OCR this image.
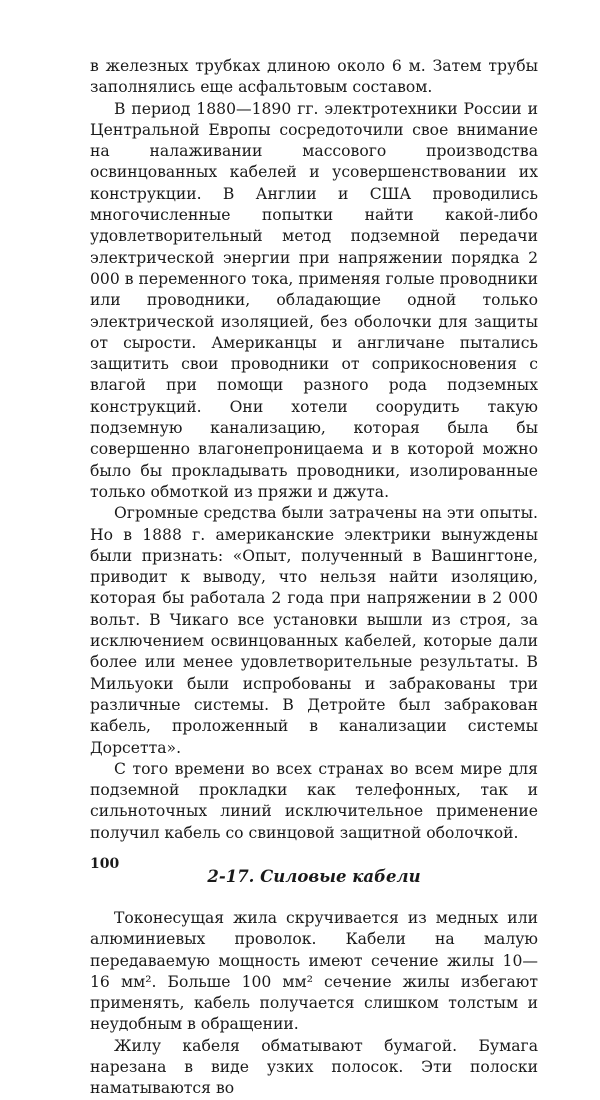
в железных трубках длиною около 6 м. Затем трубы заполнялись еще асфальтовым составом.

В период 1880—1890 гг. электротехники России и Центральной Европы сосредоточили свое внимание на налаживании массового производства освинцованных кабелей и усовершенствовании их конструкции. В Англии и США проводились многочисленные попытки найти какой-либо удовлетворительный метод подземной передачи электрической энергии при напряжении порядка 2 000 в переменного тока, применяя голые проводники или проводники, обладающие одной только электрической изоляцией, без оболочки для защиты от сырости. Американцы и англичане пытались защитить свои проводники от соприкосновения с влагой при помощи разного рода подземных конструкций. Они хотели соорудить такую подземную канализацию, которая была бы совершенно влагонепроницаема и в которой можно было бы прокладывать проводники, изолированные только обмоткой из пряжи и джута.

Огромные средства были затрачены на эти опыты. Но в 1888 г. американские электрики вынуждены были признать: «Опыт, полученный в Вашингтоне, приводит к выводу, что нельзя найти изоляцию, которая бы работала 2 года при напряжении в 2 000 вольт. В Чикаго все установки вышли из строя, за исключением освинцованных кабелей, которые дали более или менее удовлетворительные результаты. В Мильуоки были испробованы и забракованы три различные системы. В Детройте был забракован кабель, проложенный в канализации системы Дорсетта».

С того времени во всех странах во всем мире для подземной прокладки как телефонных, так и сильноточных линий исключительное применение получил кабель со свинцовой защитной оболочкой.

2-17. Силовые кабели

Токонесущая жила скручивается из медных или алюминиевых проволок. Кабели на малую передаваемую мощность имеют сечение жилы 10—16 мм². Больше 100 мм² сечение жилы избегают применять, кабель получается слишком толстым и неудобным в обращении.

Жилу кабеля обматывают бумагой. Бумага нарезана в виде узких полосок. Эти полоски наматываются во

100
